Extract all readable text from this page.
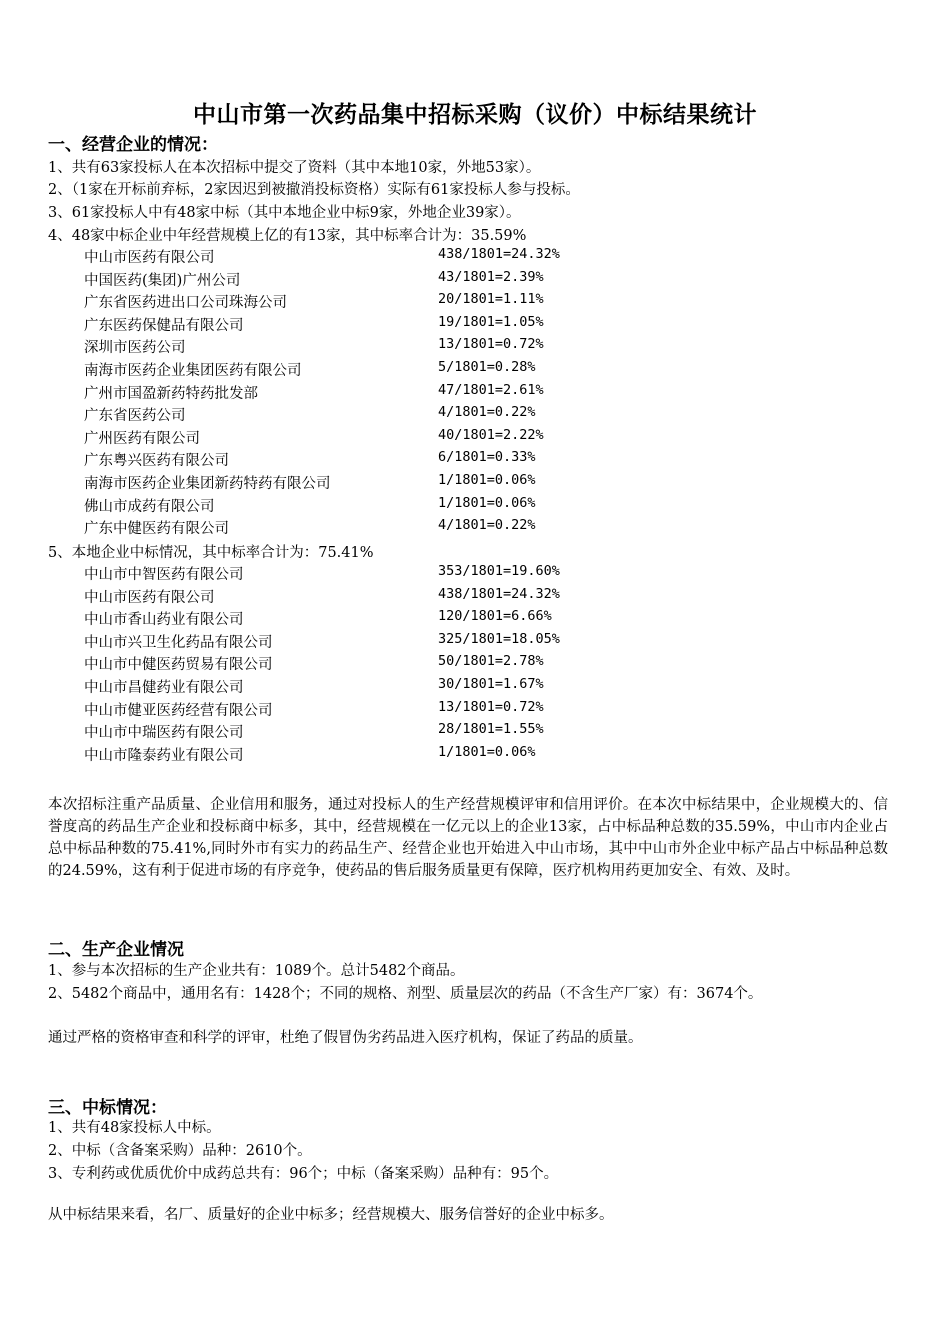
中山市第一次药品集中招标采购（议价）中标结果统计
一、经营企业的情况：
1、共有63家投标人在本次招标中提交了资料（其中本地10家，外地53家）。
2、（1家在开标前弃标，2家因迟到被撤消投标资格）实际有61家投标人参与投标。
3、61家投标人中有48家中标（其中本地企业中标9家，外地企业39家）。
4、48家中标企业中年经营规模上亿的有13家，其中标率合计为：35.59%
中山市医药有限公司	438/1801=24.32%
中国医药(集团)广州公司	43/1801=2.39%
广东省医药进出口公司珠海公司	20/1801=1.11%
广东医药保健品有限公司	19/1801=1.05%
深圳市医药公司	13/1801=0.72%
南海市医药企业集团医药有限公司	5/1801=0.28%
广州市国盈新药特药批发部	47/1801=2.61%
广东省医药公司	4/1801=0.22%
广州医药有限公司	40/1801=2.22%
广东粤兴医药有限公司	6/1801=0.33%
南海市医药企业集团新药特药有限公司	1/1801=0.06%
佛山市成药有限公司	1/1801=0.06%
广东中健医药有限公司	4/1801=0.22%
5、本地企业中标情况，其中标率合计为：75.41%
中山市中智医药有限公司	353/1801=19.60%
中山市医药有限公司	438/1801=24.32%
中山市香山药业有限公司	120/1801=6.66%
中山市兴卫生化药品有限公司	325/1801=18.05%
中山市中健医药贸易有限公司	50/1801=2.78%
中山市昌健药业有限公司	30/1801=1.67%
中山市健亚医药经营有限公司	13/1801=0.72%
中山市中瑞医药有限公司	28/1801=1.55%
中山市隆泰药业有限公司	1/1801=0.06%
本次招标注重产品质量、企业信用和服务，通过对投标人的生产经营规模评审和信用评价。在本次中标结果中，企业规模大的、信誉度高的药品生产企业和投标商中标多，其中，经营规模在一亿元以上的企业13家，占中标品种总数的35.59%，中山市内企业占总中标品种数的75.41%,同时外市有实力的药品生产、经营企业也开始进入中山市场，其中中山市外企业中标产品占中标品种总数的24.59%，这有利于促进市场的有序竞争，使药品的售后服务质量更有保障，医疗机构用药更加安全、有效、及时。
二、生产企业情况
1、参与本次招标的生产企业共有：1089个。总计5482个商品。
2、5482个商品中，通用名有：1428个；不同的规格、剂型、质量层次的药品（不含生产厂家）有：3674个。
通过严格的资格审查和科学的评审，杜绝了假冒伪劣药品进入医疗机构，保证了药品的质量。
三、中标情况：
1、共有48家投标人中标。
2、中标（含备案采购）品种：2610个。
3、专利药或优质优价中成药总共有：96个；中标（备案采购）品种有：95个。
从中标结果来看，名厂、质量好的企业中标多；经营规模大、服务信誉好的企业中标多。
